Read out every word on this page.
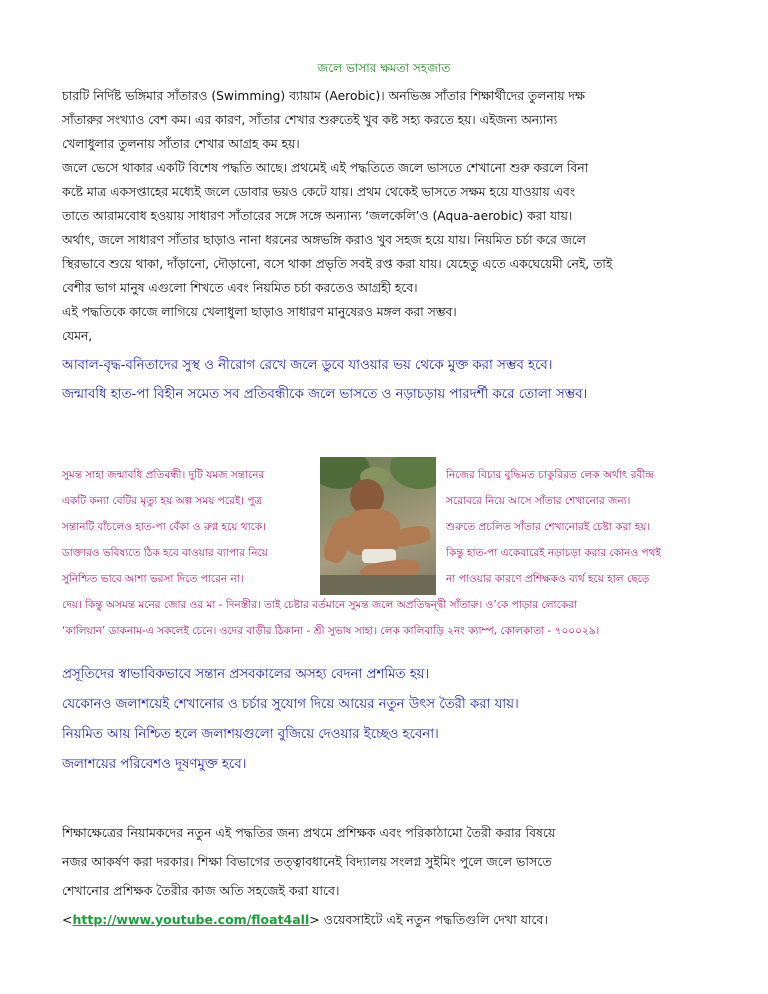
জলে ভাসার ক্ষমতা সহজাত
চারটি নির্দিষ্ট ভঙ্গিমার সাঁতারও (Swimming) ব্যায়াম (Aerobic)। অনভিজ্ঞ সাঁতার শিক্ষার্থীদের তুলনায় দক্ষ
সাঁতারুর সংখ্যাও বেশ কম। এর কারণ, সাঁতার শেখার শুরুতেই খুব কষ্ট সহ্য করতে হয়। এইজন্য অন্যান্য
খেলাধুলার তুলনায় সাঁতার শেখার আগ্রহ কম হয়।
জলে ভেসে থাকার একটি বিশেষ পদ্ধতি আছে। প্রথমেই এই পদ্ধতিতে জলে ভাসতে শেখানো শুরু করলে বিনা
কষ্টে মাত্র একসপ্তাহের মধ্যেই জলে ডোবার ভয়ও কেটে যায়। প্রথম থেকেই ভাসতে সক্ষম হয়ে যাওয়ায় এবং
তাতে আরামবোধ হওয়ায় সাধারণ সাঁতারের সঙ্গে সঙ্গে অন্যান্য ‘জলকেলি’ও (Aqua-aerobic) করা যায়।
অর্থাৎ, জলে সাধারণ সাঁতার ছাড়াও নানা ধরনের অঙ্গভঙ্গি করাও খুব সহজ হয়ে যায়। নিয়মিত চর্চা করে জলে
স্থিরভাবে শুয়ে থাকা, দাঁড়ানো, দৌড়ানো, বসে থাকা প্রভৃতি সবই রপ্ত করা যায়। যেহেতু এতে একঘেয়েমী নেই, তাই
বেশীর ভাগ মানুষ এগুলো শিখতে এবং নিয়মিত চর্চা করতেও আগ্রহী হবে।
এই পদ্ধতিকে কাজে লাগিয়ে খেলাধুলা ছাড়াও সাধারণ মানুষেরও মঙ্গল করা সম্ভব।
যেমন,
আবাল-বৃদ্ধ-বনিতাদের সুস্থ ও নীরোগ রেখে জলে ডুবে যাওয়ার ভয় থেকে মুক্ত করা সম্ভব হবে।
জন্মাবধি হাত-পা বিহীন সমেত সব প্রতিবন্ধীকে জলে ভাসতে ও নড়াচড়ায় পারদর্শী করে তোলা সম্ভব।
সুমন্ত সাহা জন্মাবধি প্রতিবন্ধী। দুটি যমজ সন্তানের
একটি কন্যা বেটির মৃত্যু হয় অল্প সময় পরেই। পুত্র
সন্তানটি বাঁচলেও হাত-পা বেঁকা ও রুগ্ন হয়ে থাকে।
ডাক্তারও ভবিষ্যতে ঠিক হবে বাওয়ার ব্যাপার নিয়ে
সুনিশ্চিত ভাবে আশা ভরসা দিতে পারেন না।
নিজের বিচার বুদ্ধিমত চাকুরিরত লেক অর্থাৎ রবীন্দ্র
সরোবরে নিয়ে আসে সাঁতার শেখানোর জন্য।
শুরুতে প্রচলিত সাঁতার শেখানোরই চেষ্টা করা হয়।
কিন্তু হাত-পা একেবারেই নড়াচড়া করার কোনও পথই
না পাওয়ার কারণে প্রশিক্ষকও ব্যর্থ হয়ে হাল ছেড়ে
দেয়। কিন্তু অসমন্ত মনের জোর ওর মা - দিনস্তীর। তাই চেষ্টার বর্তমানে সুমন্ত জলে অপ্রতিদ্বন্দ্বী সাঁতারু। ও’কে পাড়ার লোকেরা
‘কালিয়ান’ ডাকনাম-এ সকলেই চেনে। ওদের বাড়ীর ঠিকানা - শ্রী সুভাষ সাহা। লেক কালিবাড়ি ২নং ক্যাম্প, কোলকাতা - ৭০০০২৯।
প্রসূতিদের স্বাভাবিকভাবে সন্তান প্রসবকালের অসহ্য বেদনা প্রশমিত হয়।
যেকোনও জলাশয়েই শেখানোর ও চর্চার সুযোগ দিয়ে আয়ের নতুন উৎস তৈরী করা যায়।
নিয়মিত আয় নিশ্চিত হলে জলাশয়গুলো বুজিয়ে দেওয়ার ইচ্ছেও হবেনা।
জলাশয়ের পরিবেশও দূষণমুক্ত হবে।
শিক্ষাক্ষেত্রের নিয়ামকদের নতুন এই পদ্ধতির জন্য প্রথমে প্রশিক্ষক এবং পরিকাঠামো তৈরী করার বিষয়ে
নজর আকর্ষণ করা দরকার। শিক্ষা বিভাগের তত্ত্বাবধানেই বিদ্যালয় সংলগ্ন সুইমিং পুলে জলে ভাসতে
শেখানোর প্রশিক্ষক তৈরীর কাজ অতি সহজেই করা যাবে।
<http://www.youtube.com/float4all> ওয়েবসাইটে এই নতুন পদ্ধতিগুলি দেখা যাবে।
